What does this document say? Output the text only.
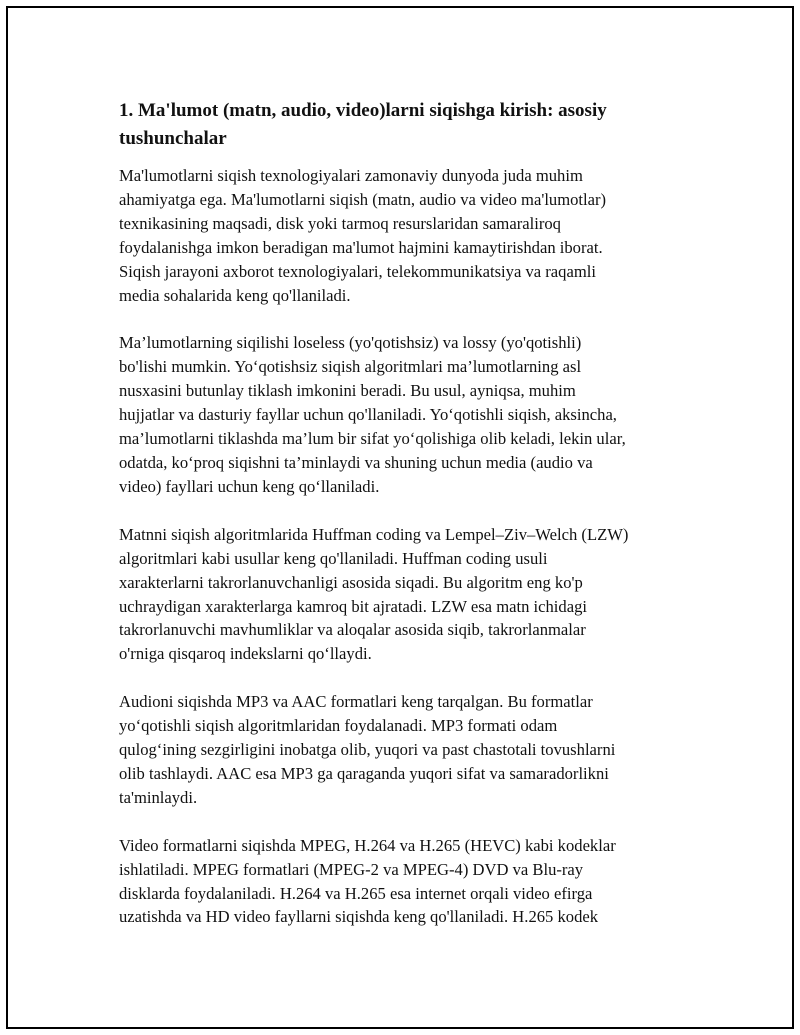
1. Ma'lumot (matn, audio, video)larni siqishga kirish: asosiy
tushunchalar

Ma'lumotlarni siqish texnologiyalari zamonaviy dunyoda juda muhim
ahamiyatga ega. Ma'lumotlarni siqish (matn, audio va video ma'lumotlar)
texnikasining maqsadi, disk yoki tarmoq resurslaridan samaraliroq
foydalanishga imkon beradigan ma'lumot hajmini kamaytirishdan iborat.
Siqish jarayoni axborot texnologiyalari, telekommunikatsiya va raqamli
media sohalarida keng qo'llaniladi.

Ma’lumotlarning siqilishi loseless (yo'qotishsiz) va lossy (yo'qotishli)
bo'lishi mumkin. Yo‘qotishsiz siqish algoritmlari ma’lumotlarning asl
nusxasini butunlay tiklash imkonini beradi. Bu usul, ayniqsa, muhim
hujjatlar va dasturiy fayllar uchun qo'llaniladi. Yo‘qotishli siqish, aksincha,
ma’lumotlarni tiklashda ma’lum bir sifat yo‘qolishiga olib keladi, lekin ular,
odatda, ko‘proq siqishni ta’minlaydi va shuning uchun media (audio va
video) fayllari uchun keng qo‘llaniladi.

Matnni siqish algoritmlarida Huffman coding va Lempel–Ziv–Welch (LZW)
algoritmlari kabi usullar keng qo'llaniladi. Huffman coding usuli
xarakterlarni takrorlanuvchanligi asosida siqadi. Bu algoritm eng ko'p
uchraydigan xarakterlarga kamroq bit ajratadi. LZW esa matn ichidagi
takrorlanuvchi mavhumliklar va aloqalar asosida siqib, takrorlanmalar
o'rniga qisqaroq indekslarni qo‘llaydi.

Audioni siqishda MP3 va AAC formatlari keng tarqalgan. Bu formatlar
yo‘qotishli siqish algoritmlaridan foydalanadi. MP3 formati odam
qulog‘ining sezgirligini inobatga olib, yuqori va past chastotali tovushlarni
olib tashlaydi. AAC esa MP3 ga qaraganda yuqori sifat va samaradorlikni
ta'minlaydi.

Video formatlarni siqishda MPEG, H.264 va H.265 (HEVC) kabi kodeklar
ishlatiladi. MPEG formatlari (MPEG-2 va MPEG-4) DVD va Blu-ray
disklarda foydalaniladi. H.264 va H.265 esa internet orqali video efirga
uzatishda va HD video fayllarni siqishda keng qo'llaniladi. H.265 kodek
